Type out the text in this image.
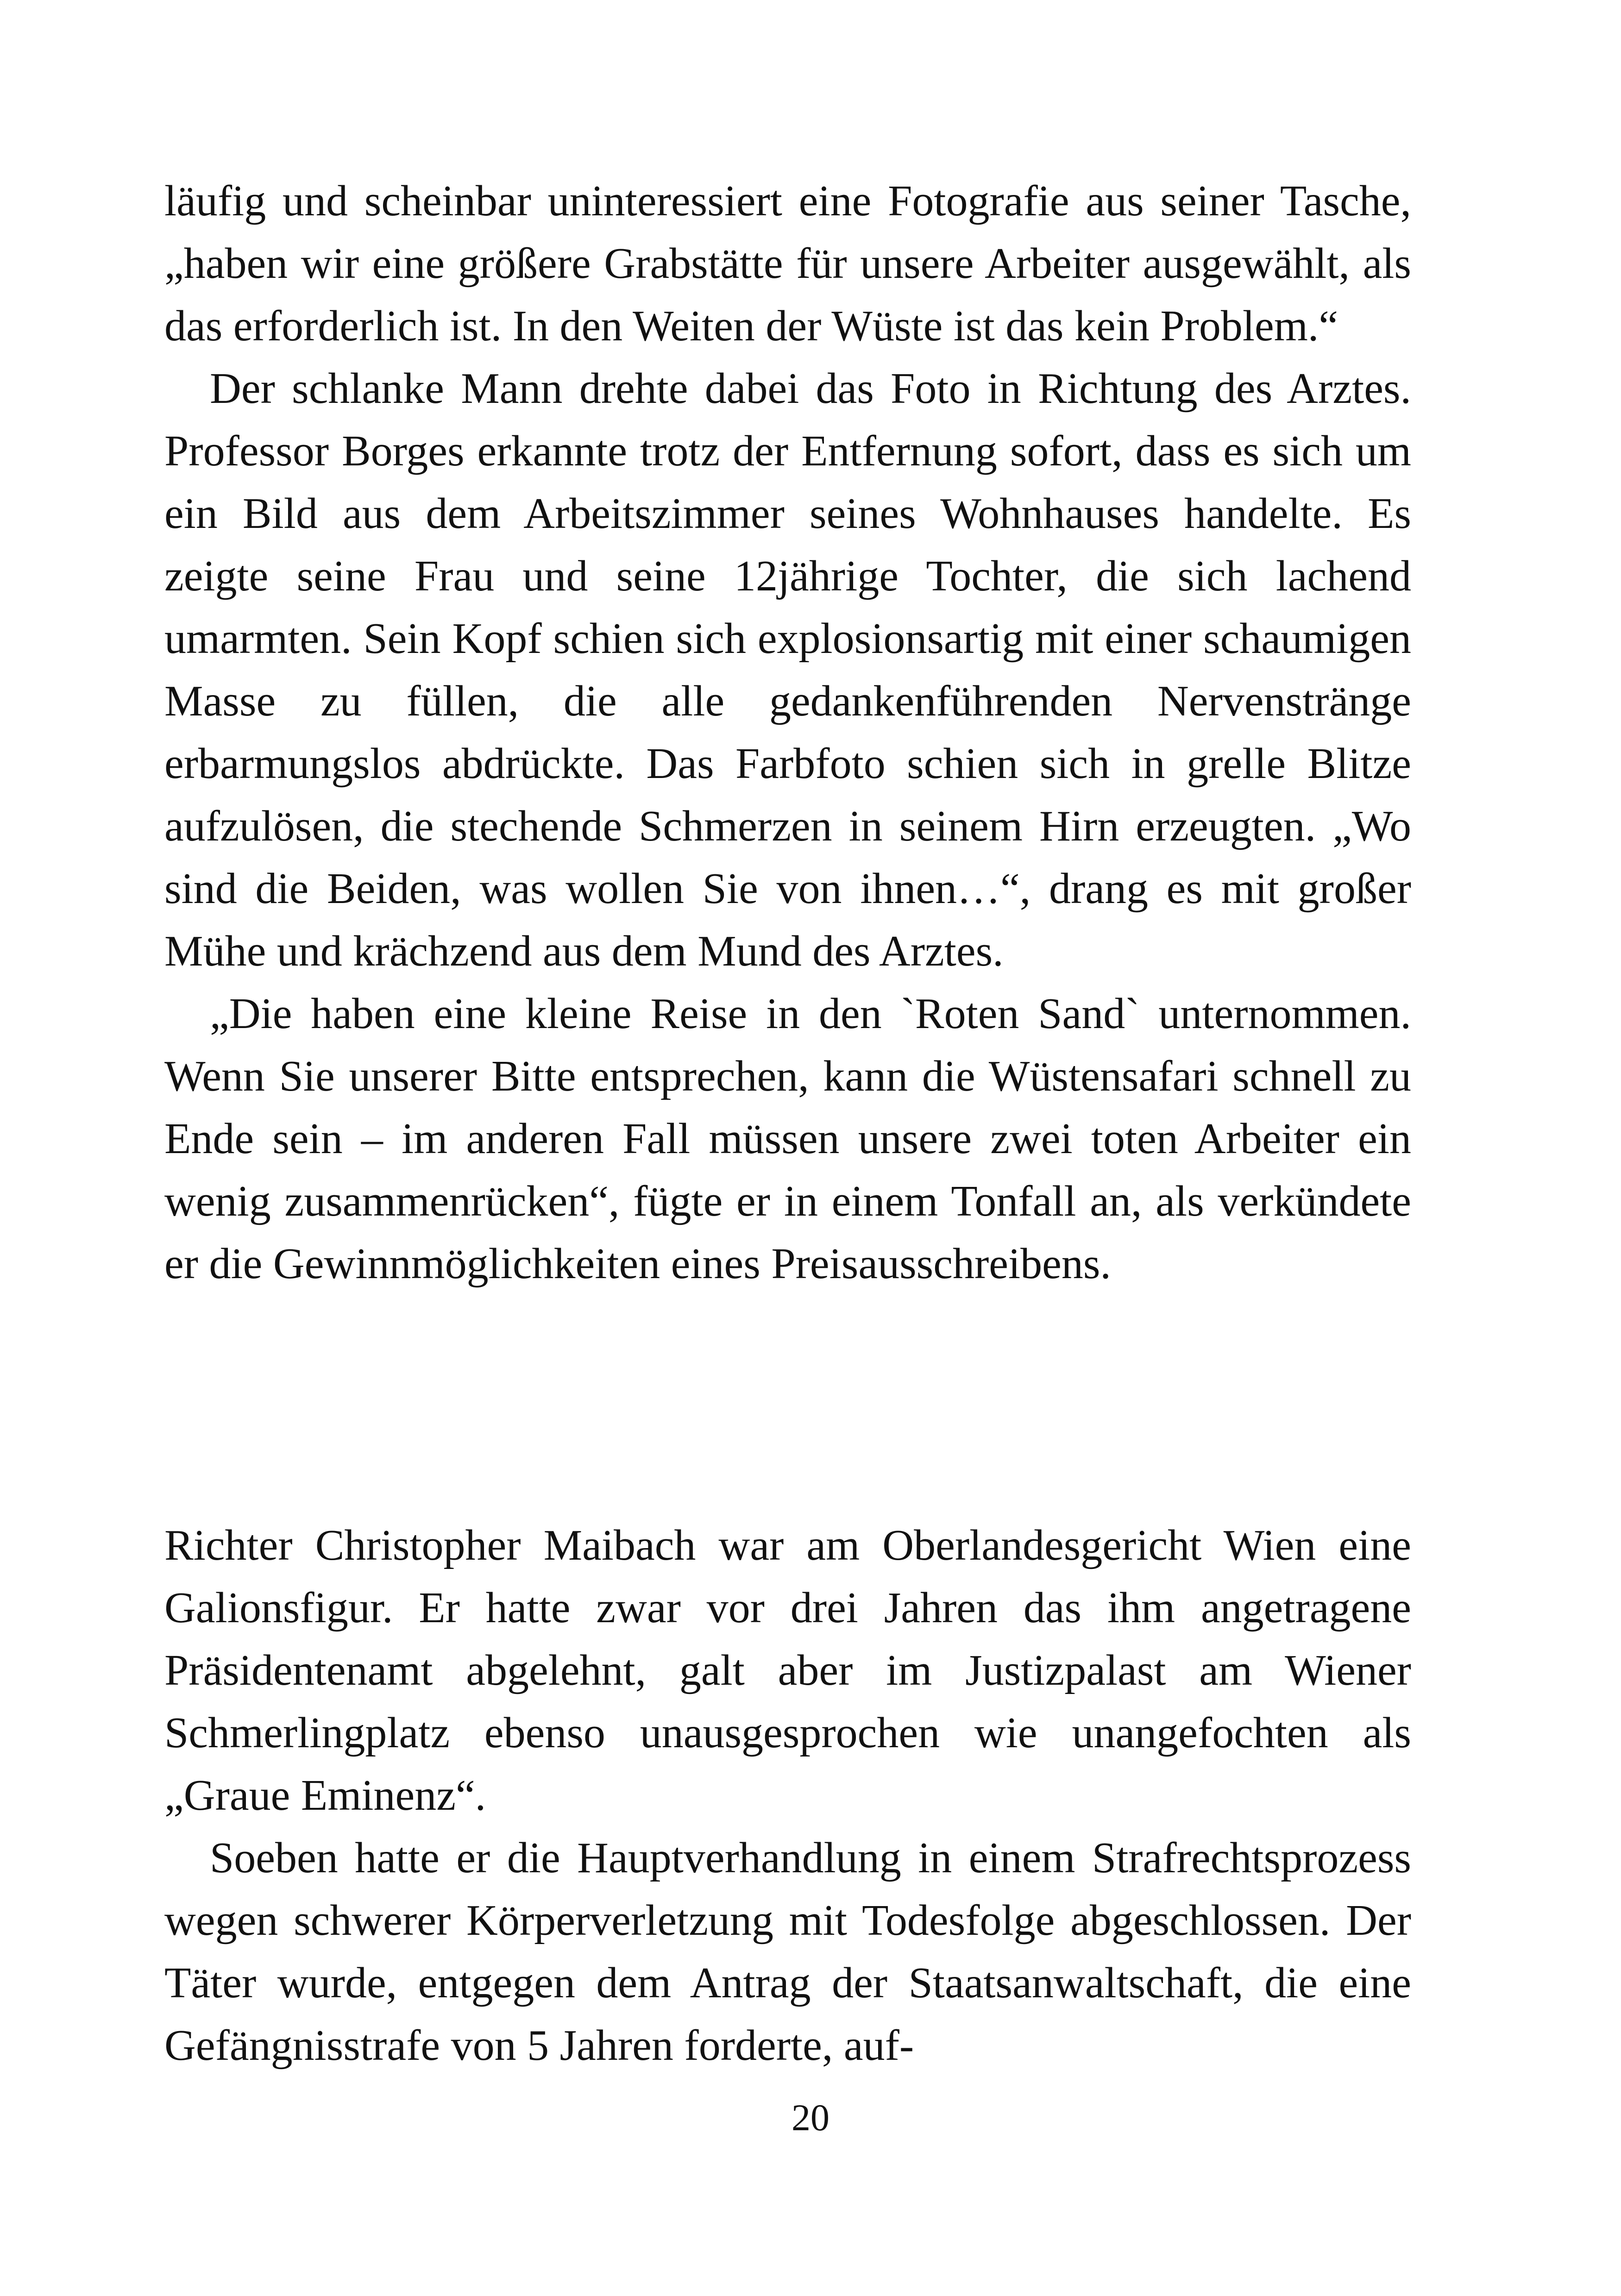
läufig und scheinbar uninteressiert eine Fotografie aus seiner Tasche, „haben wir eine größere Grabstätte für unsere Arbeiter ausgewählt, als das erforderlich ist. In den Weiten der Wüste ist das kein Problem.“

Der schlanke Mann drehte dabei das Foto in Richtung des Arztes. Professor Borges erkannte trotz der Entfernung sofort, dass es sich um ein Bild aus dem Arbeitszimmer seines Wohnhauses handelte. Es zeigte seine Frau und seine 12jährige Tochter, die sich lachend umarmten. Sein Kopf schien sich explosionsartig mit einer schaumigen Masse zu füllen, die alle gedankenführenden Nervenstränge erbarmungslos abdrückte. Das Farbfoto schien sich in grelle Blitze aufzulösen, die stechende Schmerzen in seinem Hirn erzeugten. „Wo sind die Beiden, was wollen Sie von ihnen…“, drang es mit großer Mühe und krächzend aus dem Mund des Arztes.

„Die haben eine kleine Reise in den `Roten Sand` unternommen. Wenn Sie unserer Bitte entsprechen, kann die Wüstensafari schnell zu Ende sein – im anderen Fall müssen unsere zwei toten Arbeiter ein wenig zusammenrücken“, fügte er in einem Tonfall an, als verkündete er die Gewinnmöglichkeiten eines Preisausschreibens.

Richter Christopher Maibach war am Oberlandesgericht Wien eine Galionsfigur. Er hatte zwar vor drei Jahren das ihm angetragene Präsidentenamt abgelehnt, galt aber im Justizpalast am Wiener Schmerlingplatz ebenso unausgesprochen wie unangefochten als „Graue Eminenz“.

Soeben hatte er die Hauptverhandlung in einem Strafrechtsprozess wegen schwerer Körperverletzung mit Todesfolge abgeschlossen. Der Täter wurde, entgegen dem Antrag der Staatsanwaltschaft, die eine Gefängnisstrafe von 5 Jahren forderte, auf-

20
